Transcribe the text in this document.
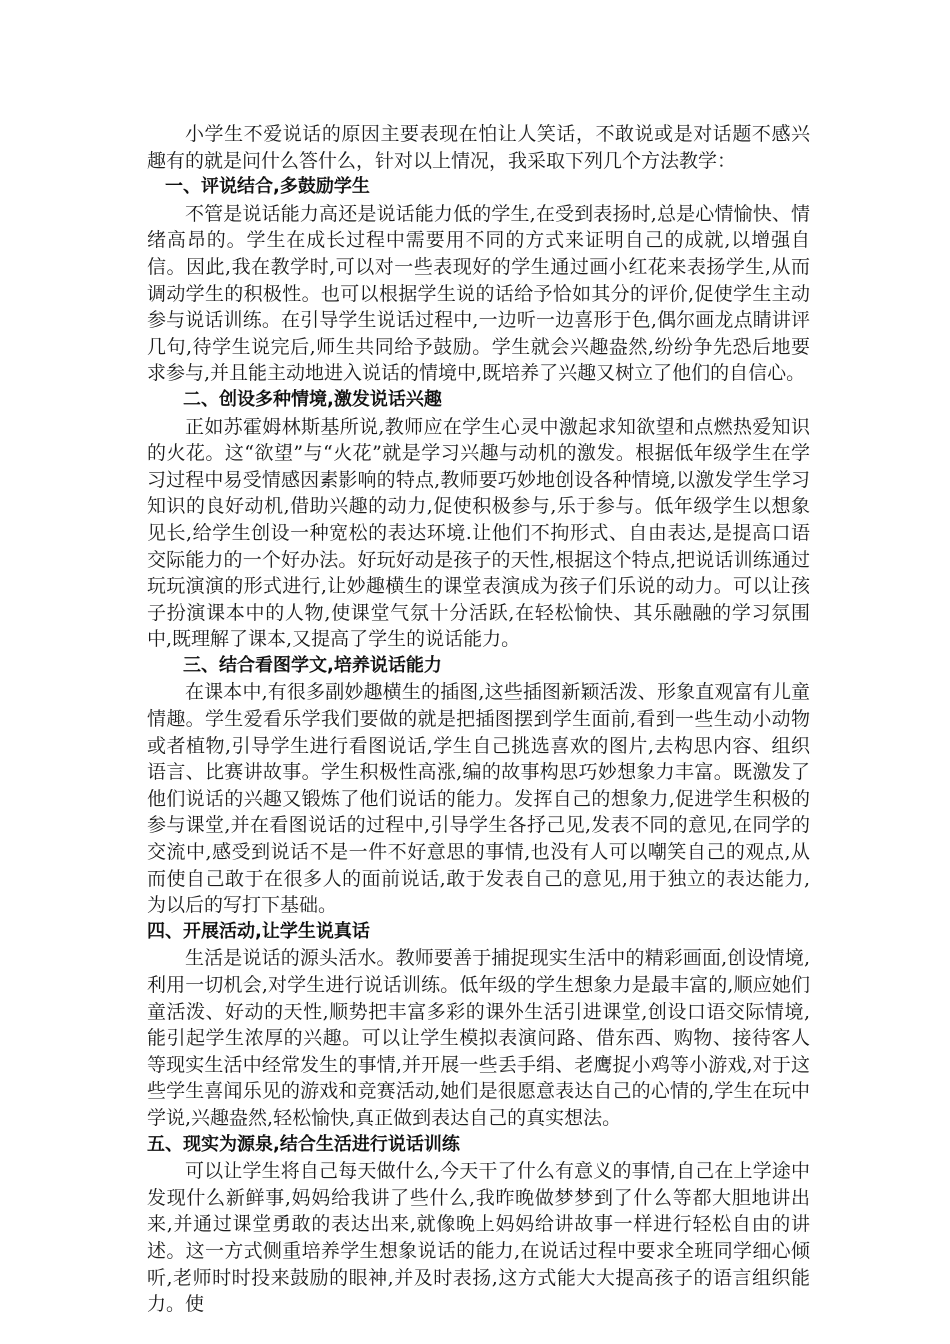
小学生不爱说话的原因主要表现在怕让人笑话，不敢说或是对话题不感兴趣有的就是问什么答什么，针对以上情况，我采取下列几个方法教学：

一、评说结合,多鼓励学生

不管是说话能力高还是说话能力低的学生,在受到表扬时,总是心情愉快、情绪高昂的。学生在成长过程中需要用不同的方式来证明自己的成就,以增强自信。因此,我在教学时,可以对一些表现好的学生通过画小红花来表扬学生,从而调动学生的积极性。也可以根据学生说的话给予恰如其分的评价,促使学生主动参与说话训练。在引导学生说话过程中,一边听一边喜形于色,偶尔画龙点睛讲评几句,待学生说完后,师生共同给予鼓励。学生就会兴趣盎然,纷纷争先恐后地要求参与,并且能主动地进入说话的情境中,既培养了兴趣又树立了他们的自信心。

二、创设多种情境,激发说话兴趣

正如苏霍姆林斯基所说,教师应在学生心灵中激起求知欲望和点燃热爱知识的火花。这“欲望”与“火花”就是学习兴趣与动机的激发。根据低年级学生在学习过程中易受情感因素影响的特点,教师要巧妙地创设各种情境,以激发学生学习知识的良好动机,借助兴趣的动力,促使积极参与,乐于参与。低年级学生以想象见长,给学生创设一种宽松的表达环境.让他们不拘形式、自由表达,是提高口语交际能力的一个好办法。好玩好动是孩子的天性,根据这个特点,把说话训练通过玩玩演演的形式进行,让妙趣横生的课堂表演成为孩子们乐说的动力。可以让孩子扮演课本中的人物,使课堂气氛十分活跃,在轻松愉快、其乐融融的学习氛围中,既理解了课本,又提高了学生的说话能力。

三、结合看图学文,培养说话能力

在课本中,有很多副妙趣横生的插图,这些插图新颖活泼、形象直观富有儿童情趣。学生爱看乐学我们要做的就是把插图摆到学生面前,看到一些生动小动物或者植物,引导学生进行看图说话,学生自己挑选喜欢的图片,去构思内容、组织语言、比赛讲故事。学生积极性高涨,编的故事构思巧妙想象力丰富。既激发了他们说话的兴趣又锻炼了他们说话的能力。发挥自己的想象力,促进学生积极的参与课堂,并在看图说话的过程中,引导学生各抒己见,发表不同的意见,在同学的交流中,感受到说话不是一件不好意思的事情,也没有人可以嘲笑自己的观点,从而使自己敢于在很多人的面前说话,敢于发表自己的意见,用于独立的表达能力,为以后的写打下基础。

四、开展活动,让学生说真话

生活是说话的源头活水。教师要善于捕捉现实生活中的精彩画面,创设情境,利用一切机会,对学生进行说话训练。低年级的学生想象力是最丰富的,顺应她们童活泼、好动的天性,顺势把丰富多彩的课外生活引进课堂,创设口语交际情境,能引起学生浓厚的兴趣。可以让学生模拟表演问路、借东西、购物、接待客人等现实生活中经常发生的事情,并开展一些丢手绢、老鹰捉小鸡等小游戏,对于这些学生喜闻乐见的游戏和竞赛活动,她们是很愿意表达自己的心情的,学生在玩中学说,兴趣盎然,轻松愉快,真正做到表达自己的真实想法。

五、现实为源泉,结合生活进行说话训练

可以让学生将自己每天做什么,今天干了什么有意义的事情,自己在上学途中发现什么新鲜事,妈妈给我讲了些什么,我昨晚做梦梦到了什么等都大胆地讲出来,并通过课堂勇敢的表达出来,就像晚上妈妈给讲故事一样进行轻松自由的讲述。这一方式侧重培养学生想象说话的能力,在说话过程中要求全班同学细心倾听,老师时时投来鼓励的眼神,并及时表扬,这方式能大大提高孩子的语言组织能力。使
